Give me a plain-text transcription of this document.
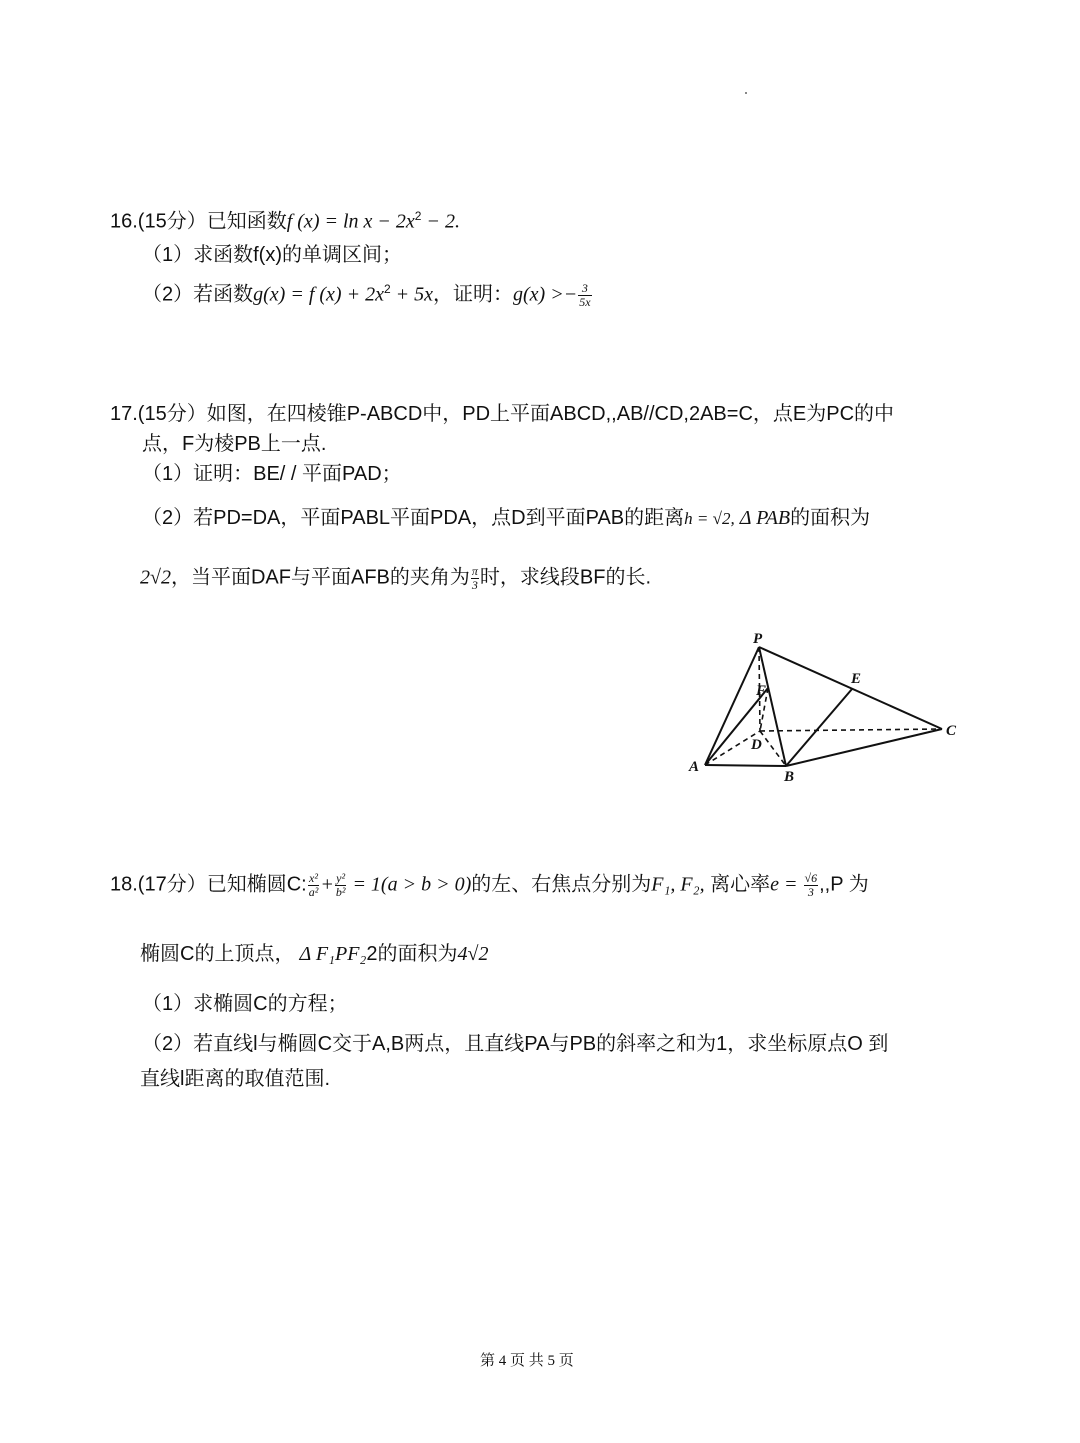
16.(15分）已知函数f $(x) = \ln x - 2x^2 - 2$.
（1）求函数f(x)的单调区间；
（2）若函数g(x) = f $(x) + 2x^2 + 5x$，证明：$g(x) >- \frac{3}{5x}$
17.(15分）如图，在四棱锥P-ABCD中，PD上平面ABCD,,AB//CD,2AB=C，点E为PC的中
点，F为棱PB上一点.
（1）证明：BE/ / 平面PAD；
（2）若PD=DA，平面PABL平面PDA，点D到平面PAB的距离h = √2, Δ PAB的面积为
2√2，当平面DAF与平面AFB的夹角为 $\frac{\pi}{3}$ 时，求线段BF的长.
P
E
F
D
C
A
B
18.(17分）已知椭圆C: $\frac{\text{x²}}{\text{a²}} + \frac{\text{y²}}{\text{b²}} = 1(a > b > 0)$的左、右焦点分别为F₁, F₂, 离心率$e = \frac{√6}{3} ,,P$ 为
椭圆C的上顶点， Δ F₁PF₂2的面积为4√2
（1）求椭圆C的方程；
（2）若直线l与椭圆C交于A,B两点，且直线PA与PB的斜率之和为1，求坐标原点O 到
直线l距离的取值范围.
第 4 页 共 5 页
